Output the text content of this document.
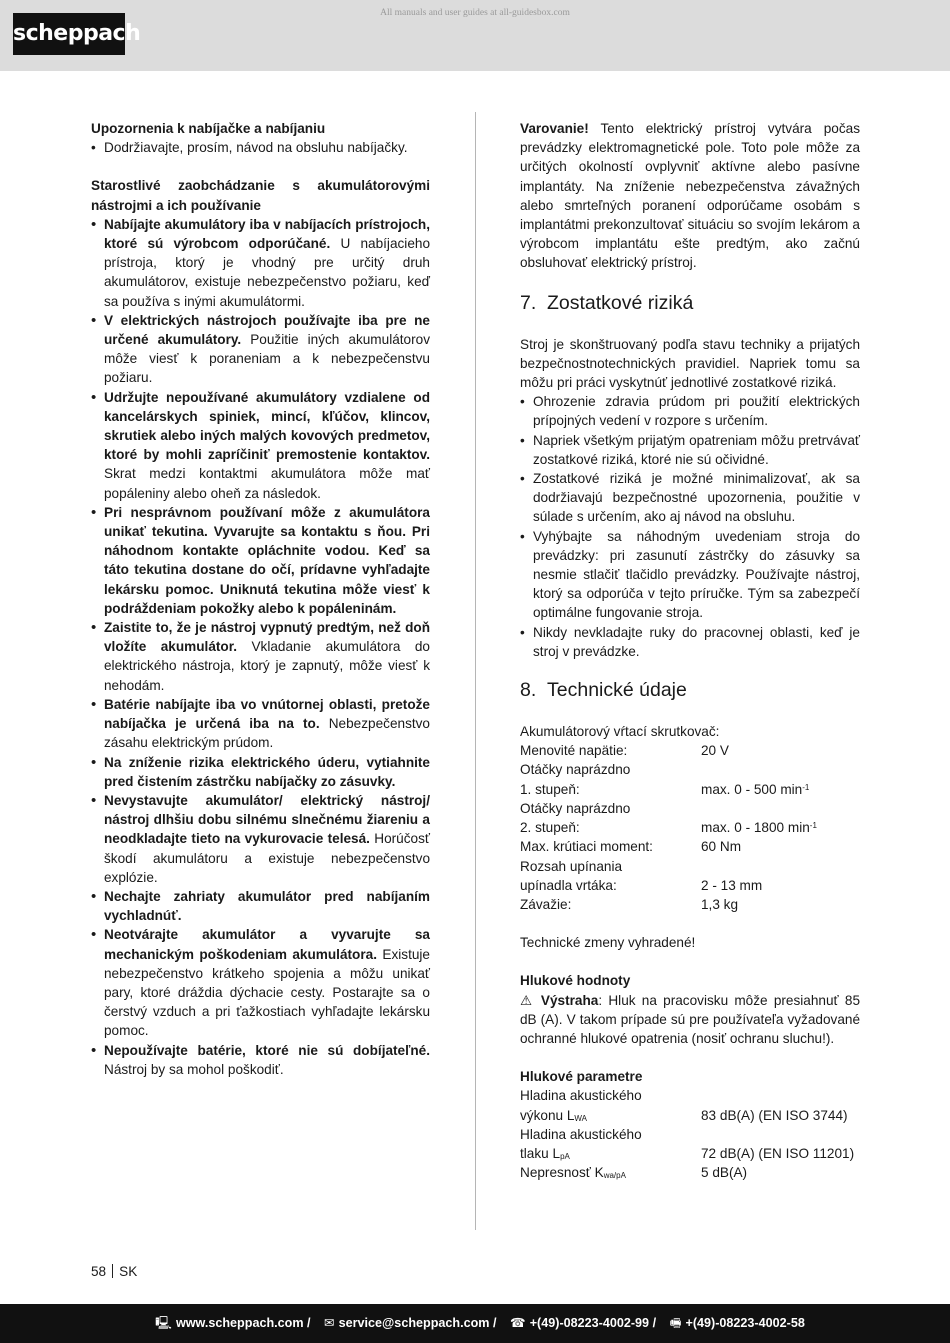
scheppach
All manuals and user guides at all-guidesbox.com

Upozornenia k nabíjačke a nabíjaniu

• Dodržiavajte, prosím, návod na obsluhu nabíjačky.

Starostlivé zaobchádzanie s akumulátorovými nástrojmi a ich používanie

• Nabíjajte akumulátory iba v nabíjacích prístrojoch, ktoré sú výrobcom odporúčané. U nabíjacieho prístroja, ktorý je vhodný pre určitý druh akumulátorov, existuje nebezpečenstvo požiaru, keď sa používa s inými akumulátormi.
• V elektrických nástrojoch používajte iba pre ne určené akumulátory. Použitie iných akumulátorov môže viesť k poraneniam a k nebezpečenstvu požiaru.
• Udržujte nepoužívané akumulátory vzdialene od kancelárskych spiniek, mincí, kľúčov, klincov, skrutiek alebo iných malých kovových predmetov, ktoré by mohli zapríčiniť premostenie kontaktov. Skrat medzi kontaktmi akumulátora môže mať popáleniny alebo oheň za následok.
• Pri nesprávnom používaní môže z akumulátora unikať tekutina. Vyvarujte sa kontaktu s ňou. Pri náhodnom kontakte opláchnite vodou. Keď sa táto tekutina dostane do očí, prídavne vyhľadajte lekársku pomoc. Uniknutá tekutina môže viesť k podráždeniam pokožky alebo k popáleninám.
• Zaistite to, že je nástroj vypnutý predtým, než doň vložíte akumulátor. Vkladanie akumulátora do elektrického nástroja, ktorý je zapnutý, môže viesť k nehodám.
• Batérie nabíjajte iba vo vnútornej oblasti, pretože nabíjačka je určená iba na to. Nebezpečenstvo zásahu elektrickým prúdom.
• Na zníženie rizika elektrického úderu, vytiahnite pred čistením zástrčku nabíjačky zo zásuvky.
• Nevystavujte akumulátor/ elektrický nástroj/ nástroj dlhšiu dobu silnému slnečnému žiareniu a neodkladajte tieto na vykurovacie telesá. Horúčosť škodí akumulátoru a existuje nebezpečenstvo explózie.
• Nechajte zahriaty akumulátor pred nabíjaním vychladnúť.
• Neotvárajte akumulátor a vyvarujte sa mechanickým poškodeniam akumulátora. Existuje nebezpečenstvo krátkeho spojenia a môžu unikať pary, ktoré dráždia dýchacie cesty. Postarajte sa o čerstvý vzduch a pri ťažkostiach vyhľadajte lekársku pomoc.
• Nepoužívajte batérie, ktoré nie sú dobíjateľné. Nástroj by sa mohol poškodiť.

Varovanie! Tento elektrický prístroj vytvára počas prevádzky elektromagnetické pole. Toto pole môže za určitých okolností ovplyvniť aktívne alebo pasívne implantáty. Na zníženie nebezpečenstva závažných alebo smrteľných poranení odporúčame osobám s implantátmi prekonzultovať situáciu so svojím lekárom a výrobcom implantátu ešte predtým, ako začnú obsluhovať elektrický prístroj.

7. Zostatkové riziká

Stroj je skonštruovaný podľa stavu techniky a prijatých bezpečnostnotechnických pravidiel. Napriek tomu sa môžu pri práci vyskytnúť jednotlivé zostatkové riziká.

• Ohrozenie zdravia prúdom pri použití elektrických prípojných vedení v rozpore s určením.
• Napriek všetkým prijatým opatreniam môžu pretrvávať zostatkové riziká, ktoré nie sú očividné.
• Zostatkové riziká je možné minimalizovať, ak sa dodržiavajú bezpečnostné upozornenia, použitie v súlade s určením, ako aj návod na obsluhu.
• Vyhýbajte sa náhodným uvedeniam stroja do prevádzky: pri zasunutí zástrčky do zásuvky sa nesmie stlačiť tlačidlo prevádzky. Používajte nástroj, ktorý sa odporúča v tejto príručke. Tým sa zabezpečí optimálne fungovanie stroja.
• Nikdy nevkladajte ruky do pracovnej oblasti, keď je stroj v prevádzke.
8. Technické údaje

Akumulátorový vŕtací skrutkovač:

Menovité napätie:	20 V
Otáčky naprázdno	
1. stupeň:	max. 0 - 500 $\min^{-1}$
Otáčky naprázdno	
2. stupeň:	max. 0 - 1800 $\min^{-1}$
Max. krútiaci moment:	60 Nm
Rozsah upínania	
upínadla vrtáka:	2 - 13 mm
Závažie:	1,3 kg

Technické zmeny vyhradené!

Hlukové hodnoty

⚠ Výstraha: Hluk na pracovisku môže presiahnuť 85 dB (A). V takom prípade sú pre používateľa vyžadované ochranné hlukové opatrenia (nosiť ochranu sluchu!).

Hlukové parametre

Hladina akustického	
výkonu $L_{WA}$	83 dB(A) (EN ISO 3744)
Hladina akustického	
tlaku $L_{pA}$	72 dB(A) (EN ISO 11201)
Nepresnosť $K_{wa/pA}$	5 dB(A)
58 SK
🖳 www.scheppach.com / ✉ service@scheppach.com / ☎ +(49)-08223-4002-99 / 🖷 +(49)-08223-4002-58
